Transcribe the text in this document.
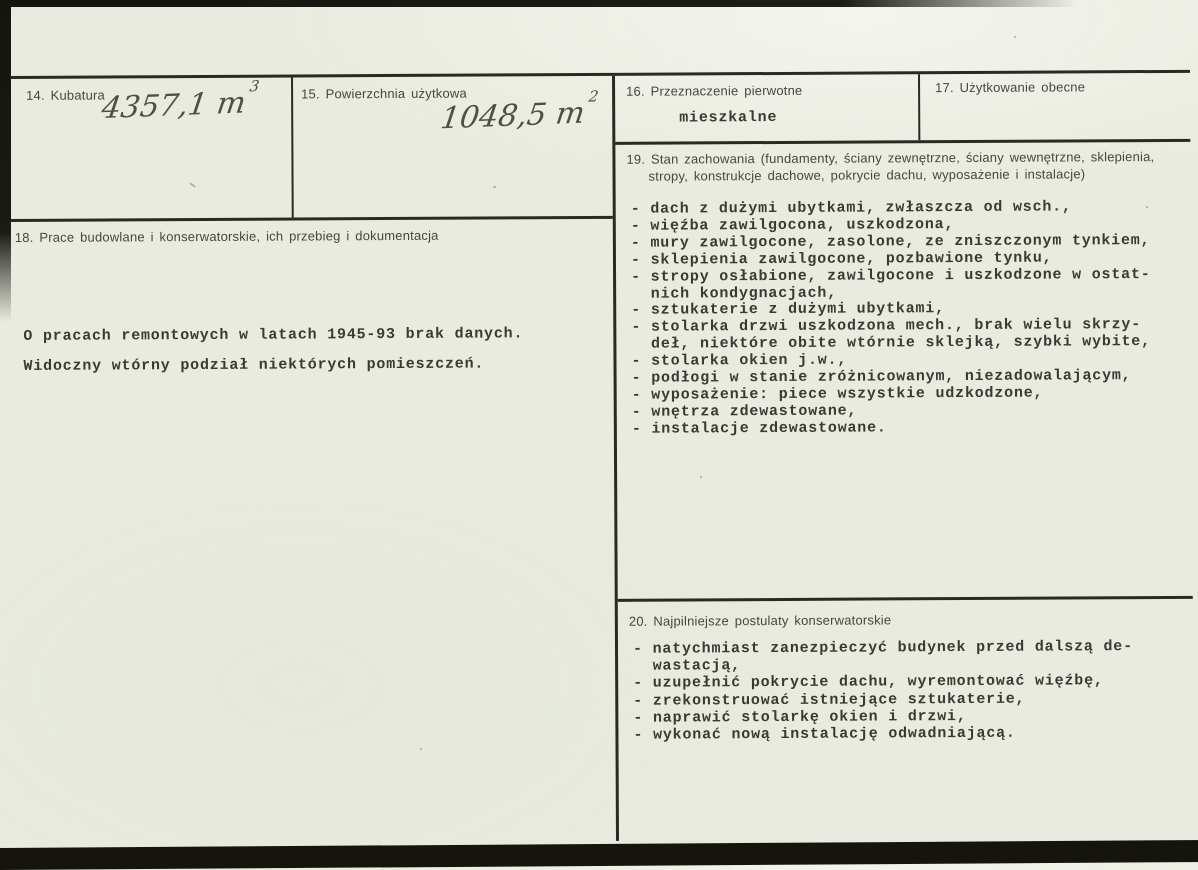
14. Kubatura
4357,1 $m^3$	15. Powierzchnia użytkowa
1048,5 $m^2$
18. Prace budowlane i konserwatorskie, ich przebieg i dokumentacja
O pracach remontowych w latach 1945-93 brak danych.
Widoczny wtórny podział niektórych pomieszczeń.
16. Przeznaczenie pierwotne
mieszkalne
17. Użytkowanie obecne
19. Stan zachowania (fundamenty, ściany zewnętrzne, ściany wewnętrzne, sklepienia,
stropy, konstrukcje dachowe, pokrycie dachu, wyposażenie i instalacje)
- dach z dużymi ubytkami, zwłaszcza od wsch.,
- więźba zawilgocona, uszkodzona,
- mury zawilgocone, zasolone, ze zniszczonym tynkiem,
- sklepienia zawilgocone, pozbawione tynku,
- stropy osłabione, zawilgocone i uszkodzone w ostat-
nich kondygnacjach,
- sztukaterie z dużymi ubytkami,
- stolarka drzwi uszkodzona mech., brak wielu skrzy-
deł, niektóre obite wtórnie sklejką, szybki wybite,
- stolarka okien j.w.,
- podłogi w stanie zróżnicowanym, niezadowalającym,
- wyposażenie: piece wszystkie udzkodzone,
- wnętrza zdewastowane,
- instalacje zdewastowane.
20. Najpilniejsze postulaty konserwatorskie
- natychmiast zanezpieczyć budynek przed dalszą de-
wastacją,
- uzupełnić pokrycie dachu, wyremontować więźbę,
- zrekonstruować istniejące sztukaterie,
- naprawić stolarkę okien i drzwi,
- wykonać nową instalację odwadniającą.
